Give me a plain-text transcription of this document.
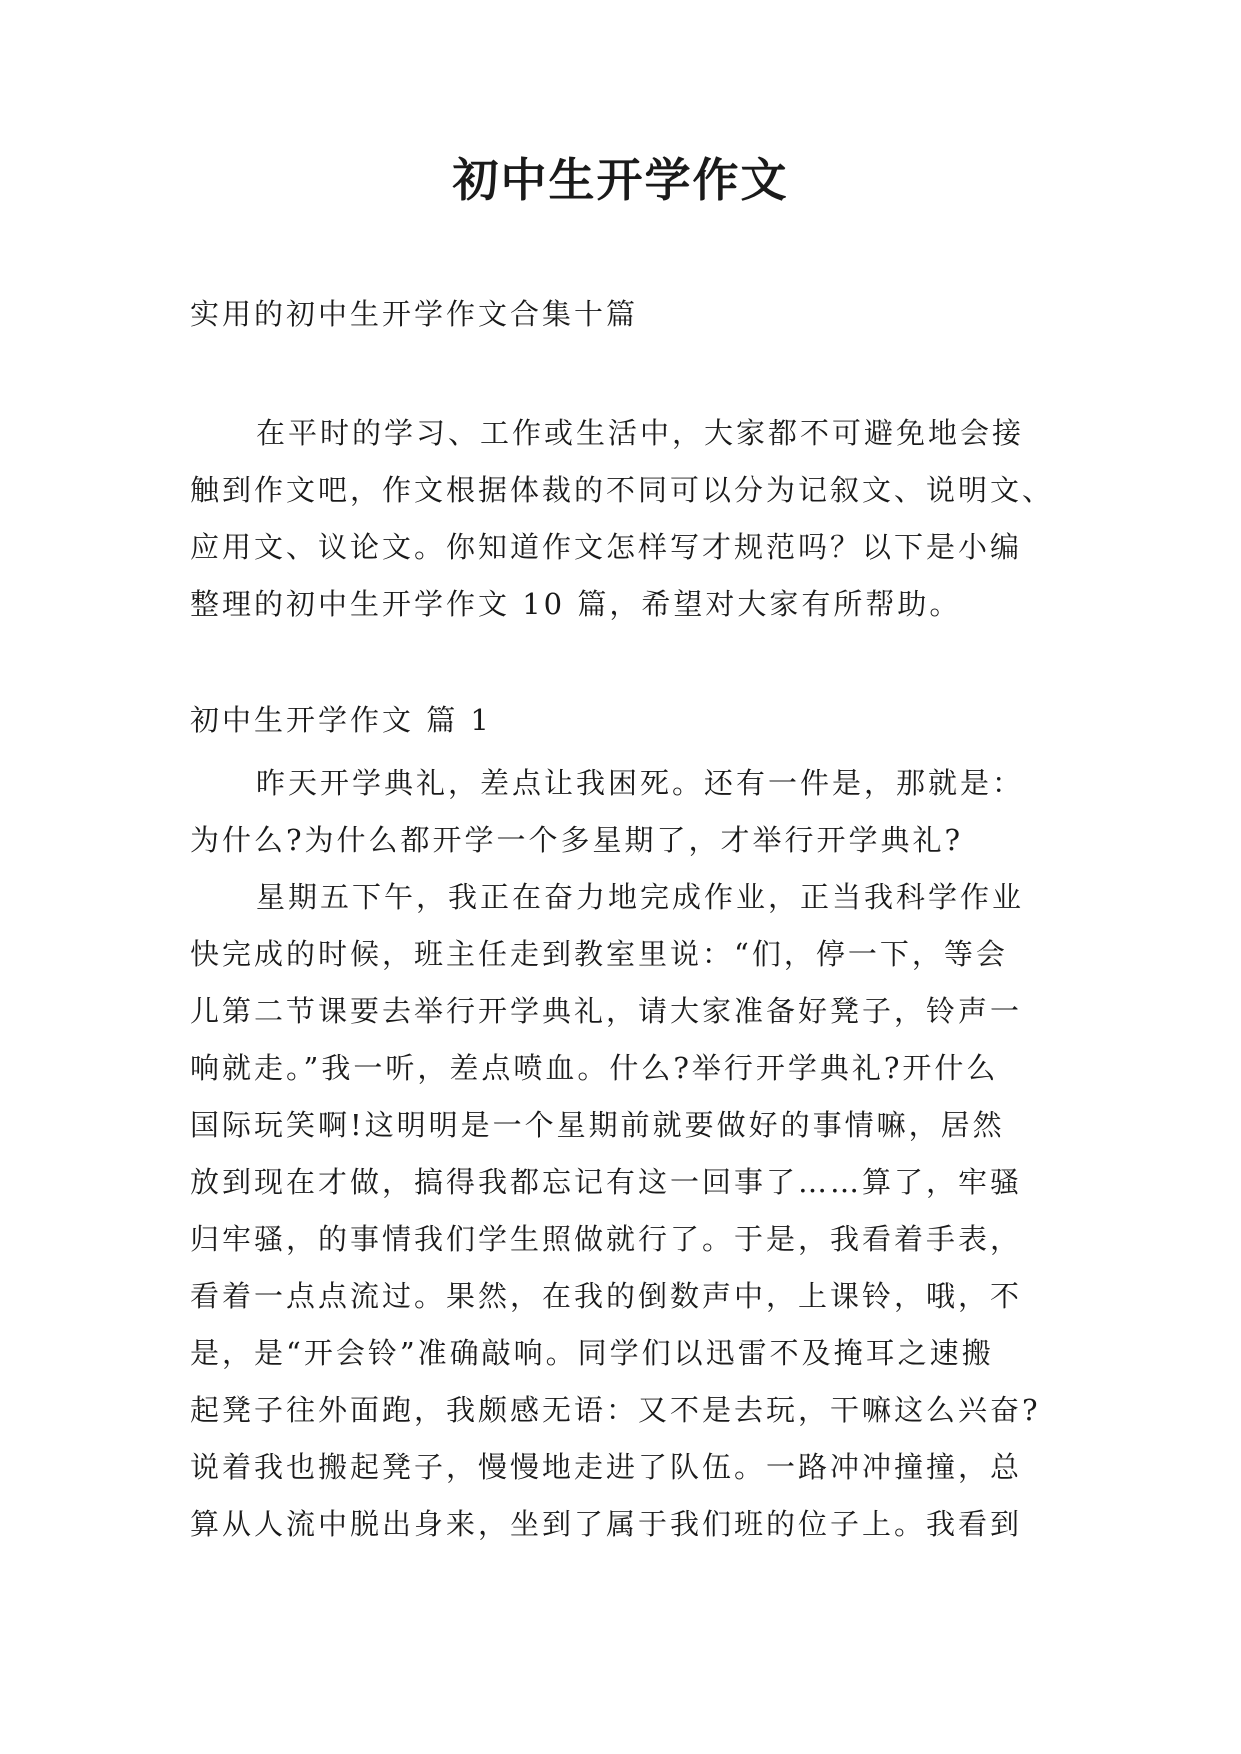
初中生开学作文

实用的初中生开学作文合集十篇

在平时的学习、工作或生活中，大家都不可避免地会接
触到作文吧，作文根据体裁的不同可以分为记叙文、说明文、
应用文、议论文。你知道作文怎样写才规范吗？以下是小编
整理的初中生开学作文 10 篇，希望对大家有所帮助。

初中生开学作文 篇 1

昨天开学典礼，差点让我困死。还有一件是，那就是：
为什么?为什么都开学一个多星期了，才举行开学典礼?
星期五下午，我正在奋力地完成作业，正当我科学作业
快完成的时候，班主任走到教室里说：“们，停一下，等会
儿第二节课要去举行开学典礼，请大家准备好凳子，铃声一
响就走。”我一听，差点喷血。什么?举行开学典礼?开什么
国际玩笑啊!这明明是一个星期前就要做好的事情嘛，居然
放到现在才做，搞得我都忘记有这一回事了……算了，牢骚
归牢骚，的事情我们学生照做就行了。于是，我看着手表，
看着一点点流过。果然，在我的倒数声中，上课铃，哦，不
是，是“开会铃”准确敲响。同学们以迅雷不及掩耳之速搬
起凳子往外面跑，我颇感无语：又不是去玩，干嘛这么兴奋?
说着我也搬起凳子，慢慢地走进了队伍。一路冲冲撞撞，总
算从人流中脱出身来，坐到了属于我们班的位子上。我看到
